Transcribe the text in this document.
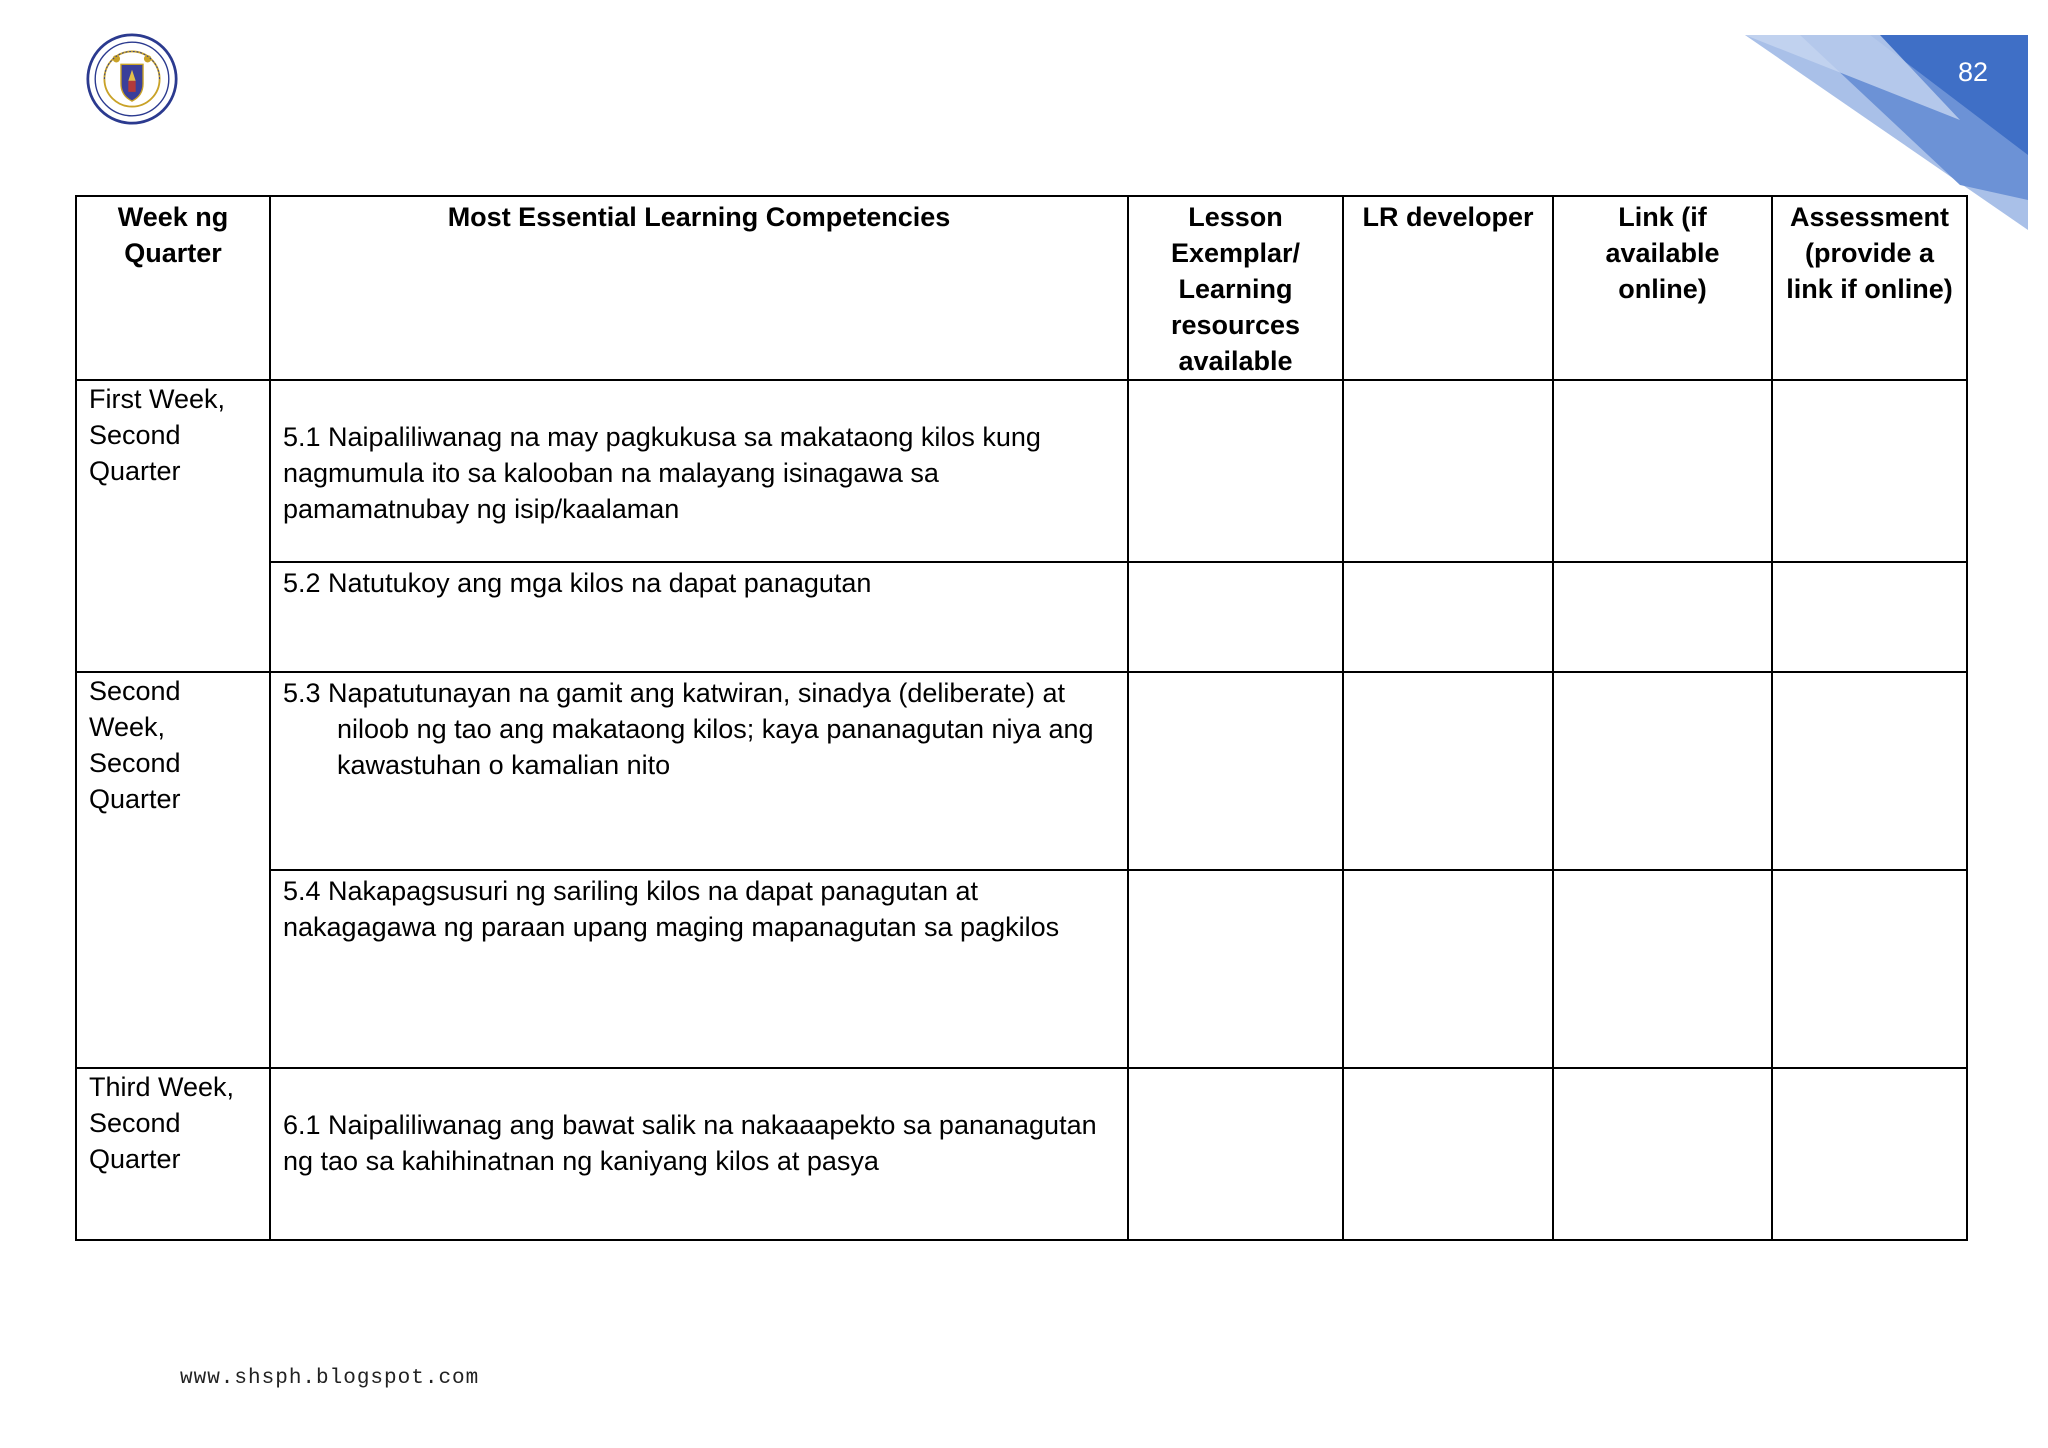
82
Week ng Quarter	Most Essential Learning Competencies	Lesson Exemplar/ Learning resources available	LR developer	Link (if available online)	Assessment (provide a link if online)
First Week, Second Quarter	5.1 Naipaliliwanag na may pagkukusa sa makataong kilos kung nagmumula ito sa kalooban na malayang isinagawa sa pamamatnubay ng isip/kaalaman				

	5.2 Natutukoy ang mga kilos na dapat panagutan				

Second Week, Second Quarter	5.3 Napatutunayan na gamit ang katwiran, sinadya (deliberate) at niloob ng tao ang makataong kilos; kaya pananagutan niya ang kawastuhan o kamalian nito				

	5.4 Nakapagsusuri ng sariling kilos na dapat panagutan at nakagagawa ng paraan upang maging mapanagutan sa pagkilos				

Third Week, Second Quarter	6.1 Naipaliliwanag ang bawat salik na nakaaapekto sa pananagutan ng tao sa kahihinatnan ng kaniyang kilos at pasya				

www.shsph.blogspot.com
